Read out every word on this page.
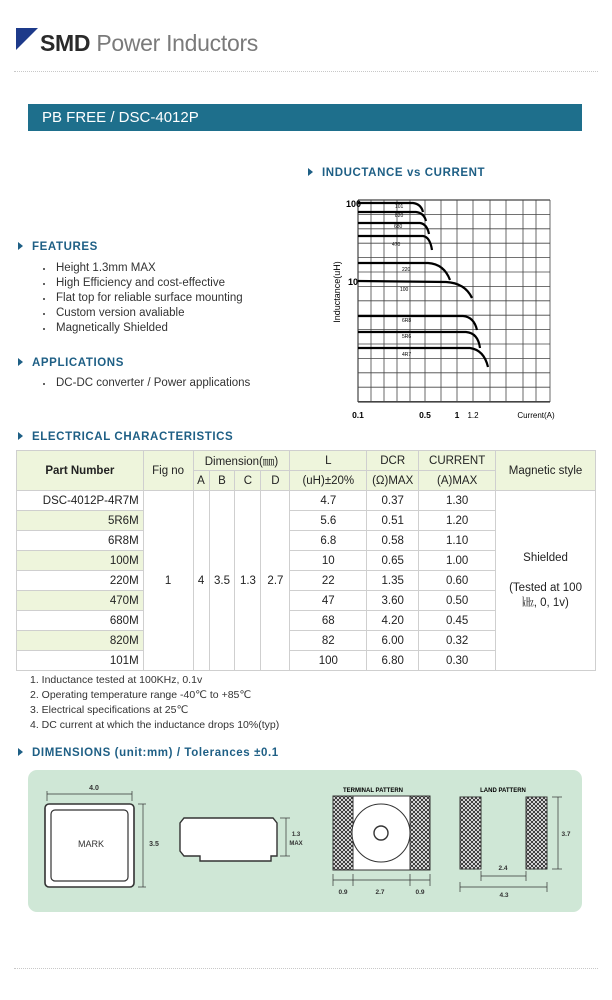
SMD Power Inductors
PB FREE / DSC-4012P
INDUCTANCE vs CURRENT
101
820
680
470
220
100
6R8
5R6
4R7
Inductance(uH)
100
10
0.1	0.5	1 1.2	Current(A)
FEATURES
Height 1.3mm MAX
High Efficiency and cost-effective
Flat top for reliable surface mounting
Custom version avaliable
Magnetically Shielded
APPLICATIONS
DC-DC converter / Power applications
ELECTRICAL CHARACTERISTICS
Part Number	Fig no	Dimension(㎜)				L	DCR	CURRENT	Magnetic style
		A	B	C	D	(uH)±20%	(Ω)MAX	(A)MAX	
DSC-4012P-4R7M	1	4	3.5	1.3	2.7	4.7	0.37	1.30	Shielded
(Tested at 100㎑, 0, 1v)

5R6M						5.6	0.51	1.20	
6R8M						6.8	0.58	1.10	
100M						10	0.65	1.00	
220M						22	1.35	0.60	
470M						47	3.60	0.50	
680M						68	4.20	0.45	
820M						82	6.00	0.32	
101M						100	6.80	0.30	
1. Inductance tested at 100KHz, 0.1v
2. Operating temperature range -40℃ to +85℃
3. Electrical specifications at 25℃
4. DC current at which the inductance drops 10%(typ)
DIMENSIONS (unit:mm) / Tolerances ±0.1
4.0
MARK	3.5
1.3
MAX
TERMINAL PATTERN
0.9	2.7	0.9
LAND PATTERN
2.4
4.3
3.7
